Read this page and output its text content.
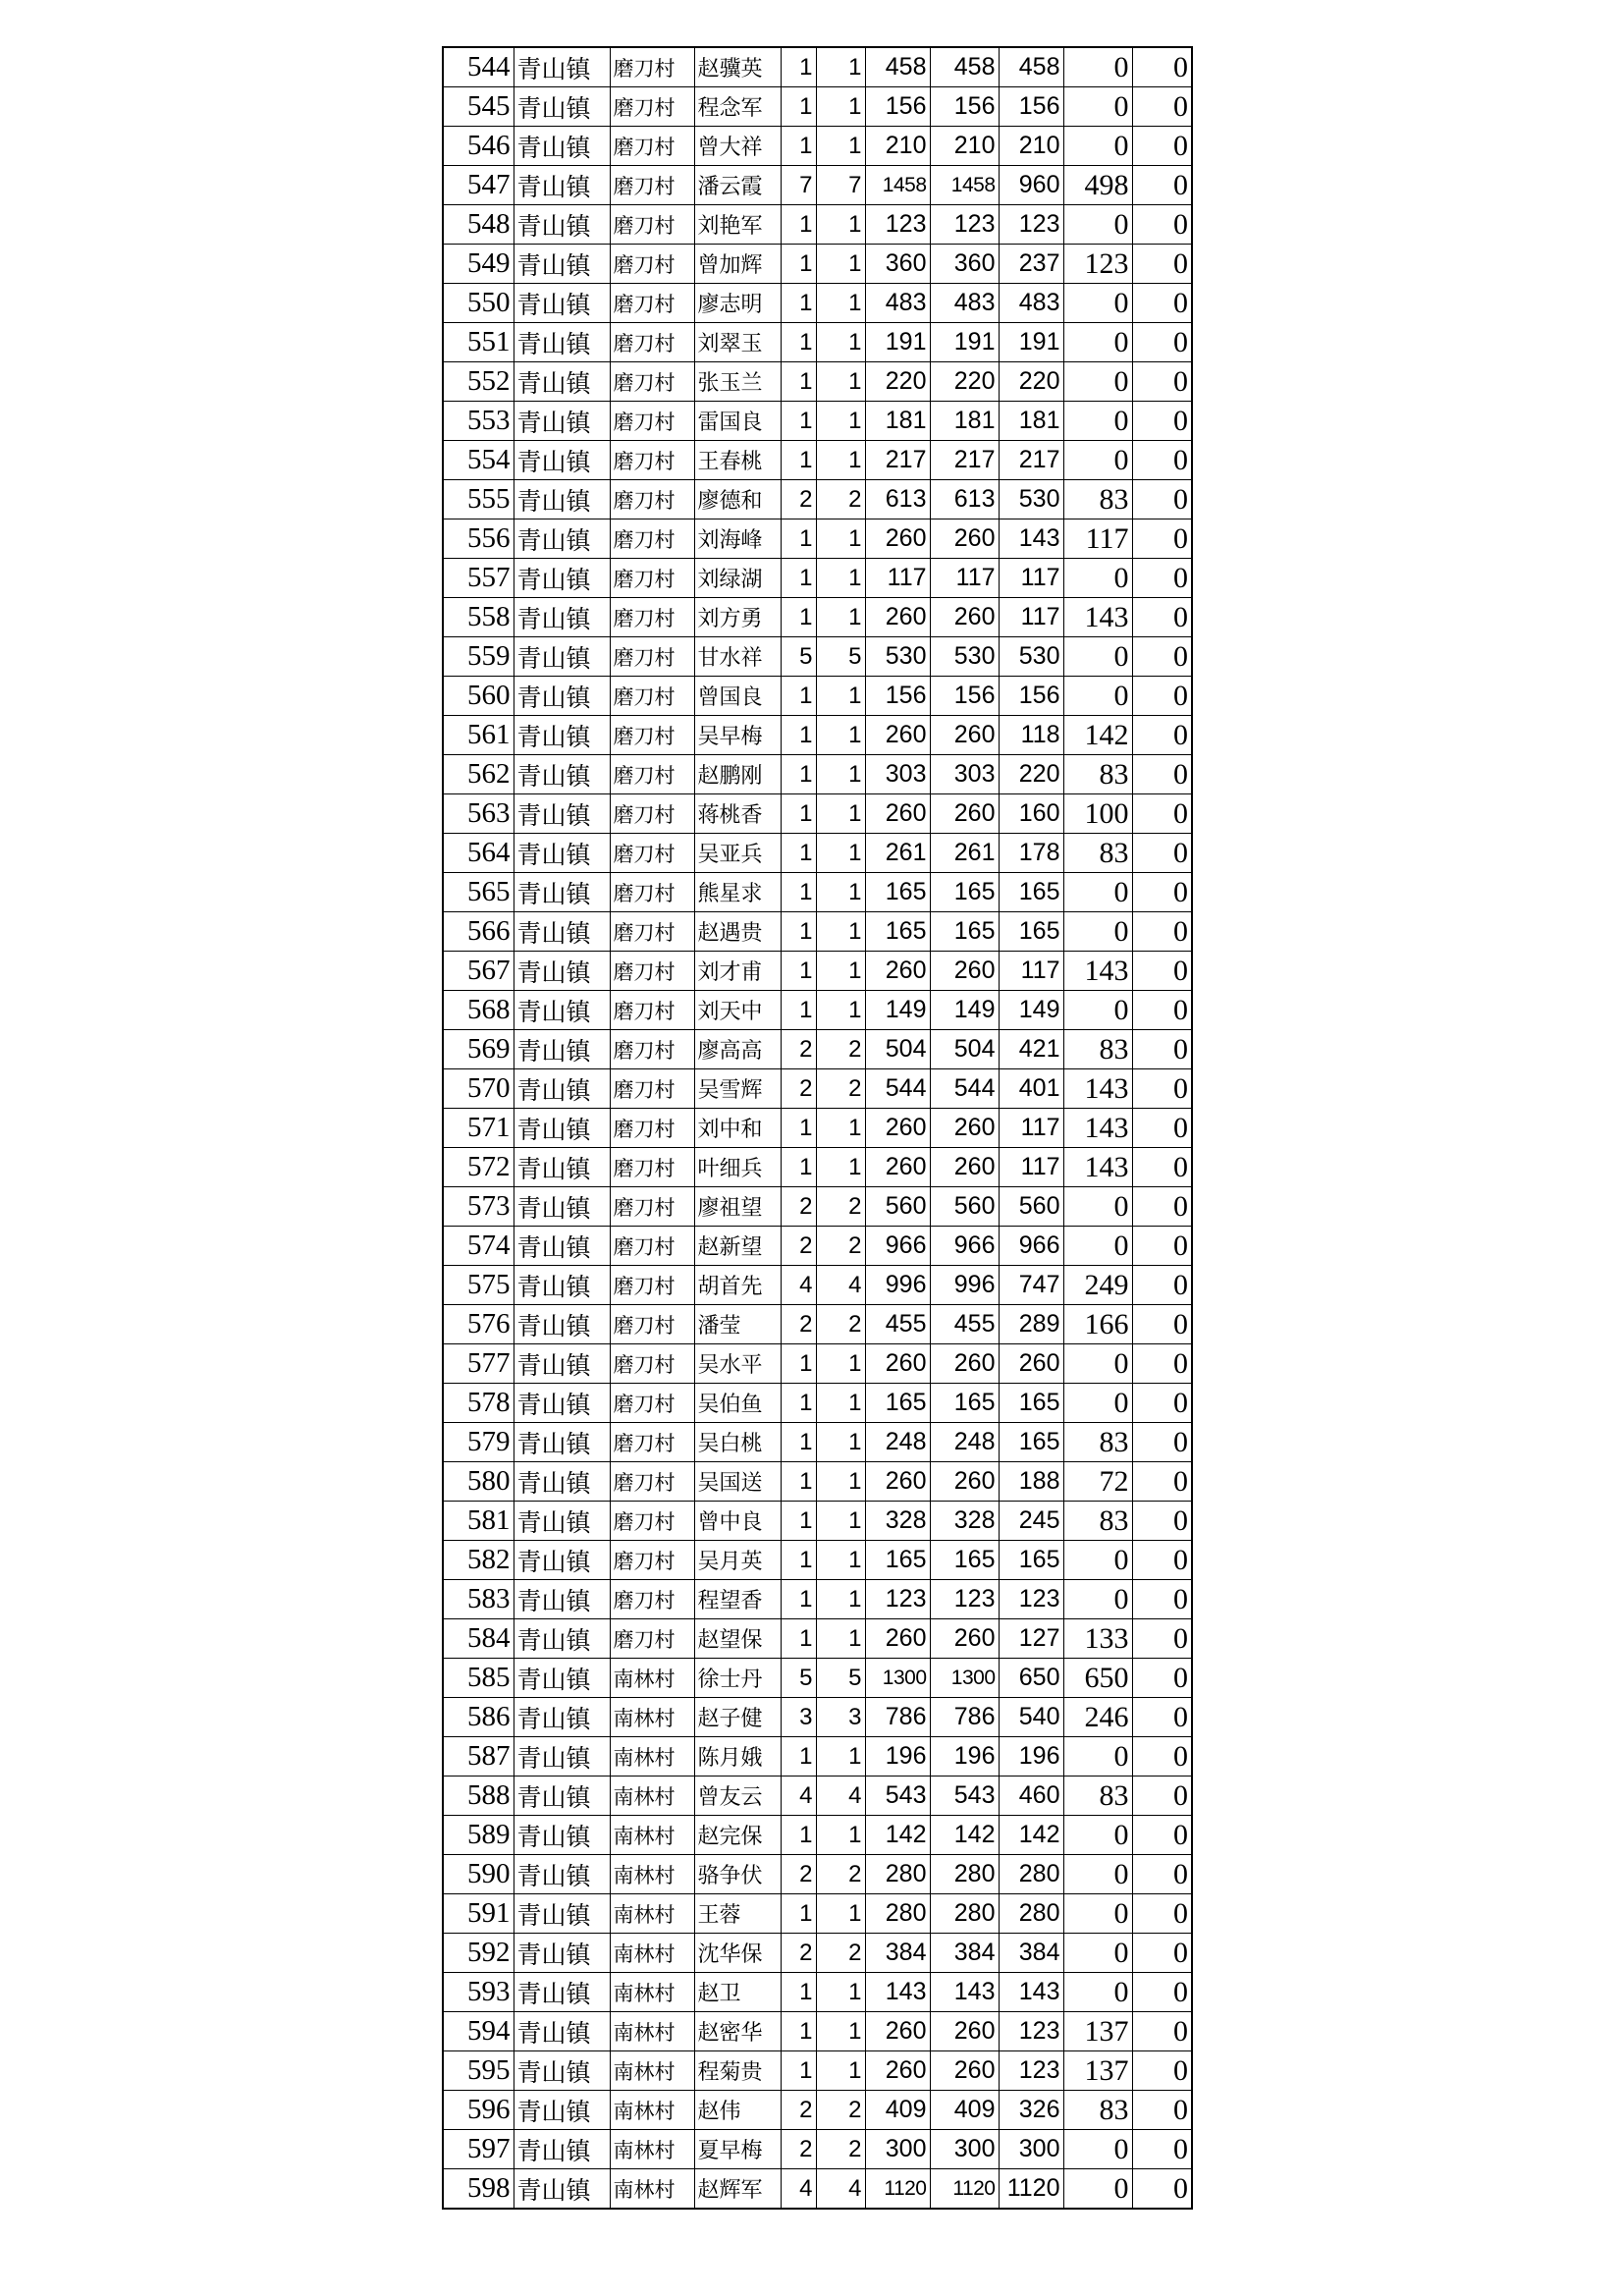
544	青山镇	磨刀村	赵骥英	1	1	458	458	458	0	0
545	青山镇	磨刀村	程念军	1	1	156	156	156	0	0
546	青山镇	磨刀村	曾大祥	1	1	210	210	210	0	0
547	青山镇	磨刀村	潘云霞	7	7	1458	1458	960	498	0
548	青山镇	磨刀村	刘艳军	1	1	123	123	123	0	0
549	青山镇	磨刀村	曾加辉	1	1	360	360	237	123	0
550	青山镇	磨刀村	廖志明	1	1	483	483	483	0	0
551	青山镇	磨刀村	刘翠玉	1	1	191	191	191	0	0
552	青山镇	磨刀村	张玉兰	1	1	220	220	220	0	0
553	青山镇	磨刀村	雷国良	1	1	181	181	181	0	0
554	青山镇	磨刀村	王春桃	1	1	217	217	217	0	0
555	青山镇	磨刀村	廖德和	2	2	613	613	530	83	0
556	青山镇	磨刀村	刘海峰	1	1	260	260	143	117	0
557	青山镇	磨刀村	刘绿湖	1	1	117	117	117	0	0
558	青山镇	磨刀村	刘方勇	1	1	260	260	117	143	0
559	青山镇	磨刀村	甘水祥	5	5	530	530	530	0	0
560	青山镇	磨刀村	曾国良	1	1	156	156	156	0	0
561	青山镇	磨刀村	吴早梅	1	1	260	260	118	142	0
562	青山镇	磨刀村	赵鹏刚	1	1	303	303	220	83	0
563	青山镇	磨刀村	蒋桃香	1	1	260	260	160	100	0
564	青山镇	磨刀村	吴亚兵	1	1	261	261	178	83	0
565	青山镇	磨刀村	熊星求	1	1	165	165	165	0	0
566	青山镇	磨刀村	赵遇贵	1	1	165	165	165	0	0
567	青山镇	磨刀村	刘才甫	1	1	260	260	117	143	0
568	青山镇	磨刀村	刘天中	1	1	149	149	149	0	0
569	青山镇	磨刀村	廖高高	2	2	504	504	421	83	0
570	青山镇	磨刀村	吴雪辉	2	2	544	544	401	143	0
571	青山镇	磨刀村	刘中和	1	1	260	260	117	143	0
572	青山镇	磨刀村	叶细兵	1	1	260	260	117	143	0
573	青山镇	磨刀村	廖祖望	2	2	560	560	560	0	0
574	青山镇	磨刀村	赵新望	2	2	966	966	966	0	0
575	青山镇	磨刀村	胡首先	4	4	996	996	747	249	0
576	青山镇	磨刀村	潘莹	2	2	455	455	289	166	0
577	青山镇	磨刀村	吴水平	1	1	260	260	260	0	0
578	青山镇	磨刀村	吴伯鱼	1	1	165	165	165	0	0
579	青山镇	磨刀村	吴白桃	1	1	248	248	165	83	0
580	青山镇	磨刀村	吴国送	1	1	260	260	188	72	0
581	青山镇	磨刀村	曾中良	1	1	328	328	245	83	0
582	青山镇	磨刀村	吴月英	1	1	165	165	165	0	0
583	青山镇	磨刀村	程望香	1	1	123	123	123	0	0
584	青山镇	磨刀村	赵望保	1	1	260	260	127	133	0
585	青山镇	南林村	徐士丹	5	5	1300	1300	650	650	0
586	青山镇	南林村	赵子健	3	3	786	786	540	246	0
587	青山镇	南林村	陈月娥	1	1	196	196	196	0	0
588	青山镇	南林村	曾友云	4	4	543	543	460	83	0
589	青山镇	南林村	赵完保	1	1	142	142	142	0	0
590	青山镇	南林村	骆争伏	2	2	280	280	280	0	0
591	青山镇	南林村	王蓉	1	1	280	280	280	0	0
592	青山镇	南林村	沈华保	2	2	384	384	384	0	0
593	青山镇	南林村	赵卫	1	1	143	143	143	0	0
594	青山镇	南林村	赵密华	1	1	260	260	123	137	0
595	青山镇	南林村	程菊贵	1	1	260	260	123	137	0
596	青山镇	南林村	赵伟	2	2	409	409	326	83	0
597	青山镇	南林村	夏早梅	2	2	300	300	300	0	0
598	青山镇	南林村	赵辉军	4	4	1120	1120	1120	0	0
